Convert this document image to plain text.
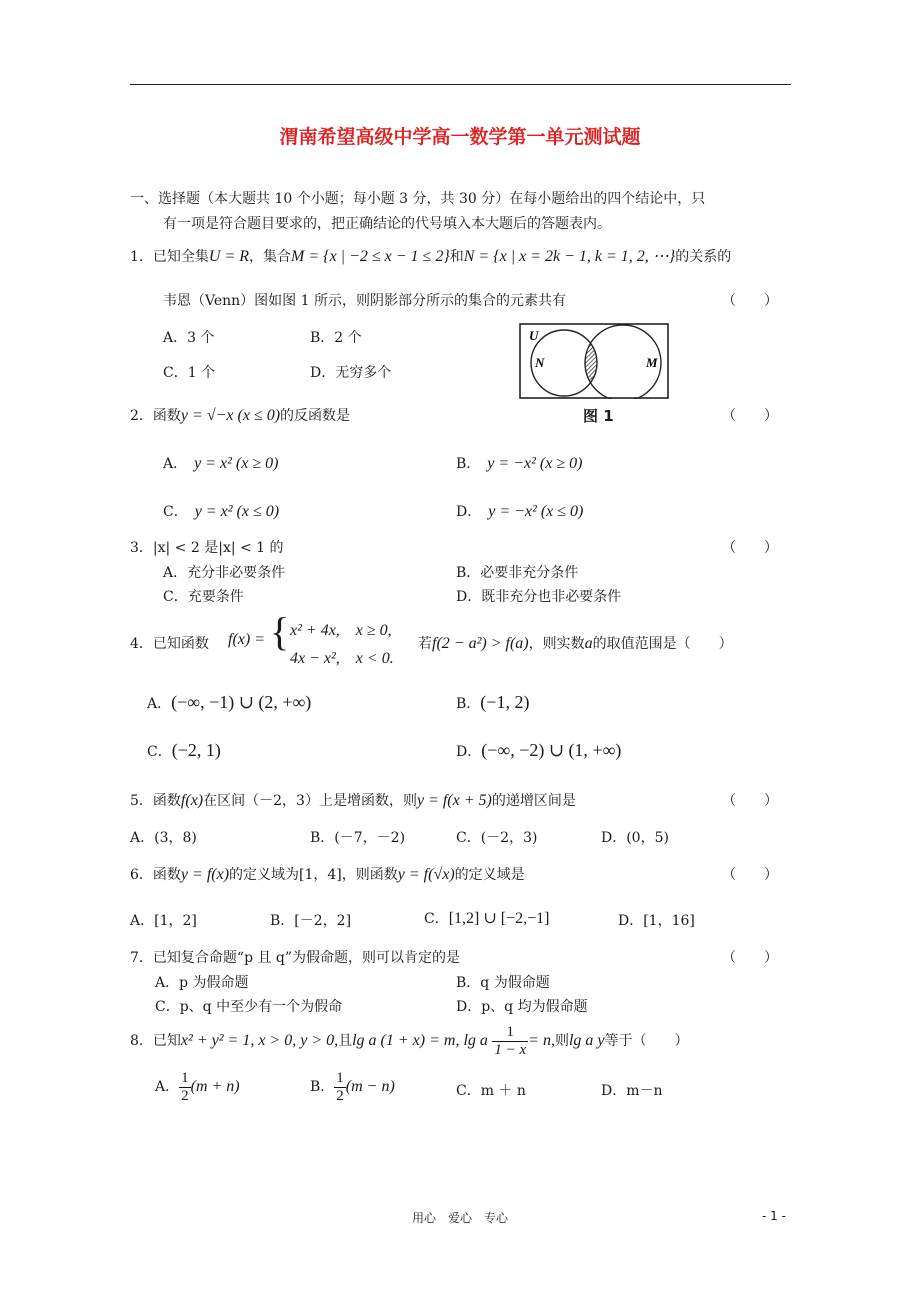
渭南希望高级中学高一数学第一单元测试题
一、选择题（本大题共 10 个小题；每小题 3 分，共 30 分）在每小题给出的四个结论中，只
有一项是符合题目要求的，把正确结论的代号填入本大题后的答题表内。
1．已知全集U = R，集合M = {x | −2 ≤ x − 1 ≤ 2}和N = {x | x = 2k − 1, k = 1, 2, ⋯}的关系的
韦恩（Venn）图如图 1 所示，则阴影部分所示的集合的元素共有	（　　）
A．3 个	B．2 个
C．1 个	D．无穷多个
U
N	M
图 1
2．函数y = √−x (x ≤ 0)的反函数是	（　　）
A．　 y = x² (x ≥ 0)	B．　 y = −x² (x ≥ 0)
C．　 y = x² (x ≤ 0)	D．　 y = −x² (x ≤ 0)
3．|x| < 2 是|x| < 1 的	（　　）
A．充分非必要条件	B．必要非充分条件
C．充要条件	D．既非充分也非必要条件
4．已知函数 f(x) = { x² + 4x,　x ≥ 0,
4x − x²,　x < 0.
若f(2 − a²) > f(a)，则实数a的取值范围是（　　）
A．(−∞, −1) ∪ (2, +∞)	B．(−1, 2)
C．(−2, 1)	D．(−∞, −2) ∪ (1, +∞)
5．函数f(x)在区间（－2，3）上是增函数，则y = f(x + 5)的递增区间是	（　　）
A．(3，8)	B．(－7，－2)	C．(－2，3)	D．(0，5)
6．函数y = f(x)的定义域为[1，4]，则函数y = f(√x)的定义域是	（　　）
A．[1，2]	B．[－2，2]	C．[1,2] ∪ [−2,−1]	D．[1，16]
7．已知复合命题“p 且 q”为假命题，则可以肯定的是	（　　）
A．p 为假命题	B．q 为假命题
C．p、q 中至少有一个为假命	D．p、q 均为假命题
8．已知x² + y² = 1, x > 0, y > 0,且lg a (1 + x) = m, lg a $\frac{1}{1 - x} = n$,则lg a y等于（　　）
A． $\frac{1}{2} (m + n)$	B． $\frac{1}{2} (m - n)$	C．m ＋ n	D．m－n
用心　爱心　专心	- 1 -
